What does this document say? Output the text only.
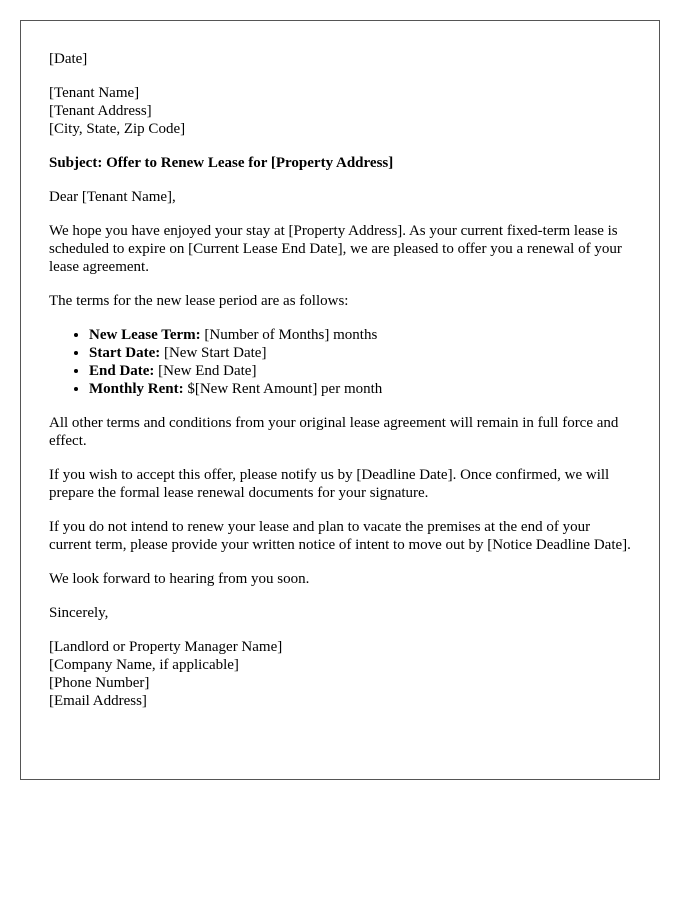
[Date]

[Tenant Name]
[Tenant Address]
[City, State, Zip Code]

Subject: Offer to Renew Lease for [Property Address]

Dear [Tenant Name],

We hope you have enjoyed your stay at [Property Address]. As your current fixed-term lease is scheduled to expire on [Current Lease End Date], we are pleased to offer you a renewal of your lease agreement.

The terms for the new lease period are as follows:

• New Lease Term: [Number of Months] months
• Start Date: [New Start Date]
• End Date: [New End Date]
• Monthly Rent: $[New Rent Amount] per month

All other terms and conditions from your original lease agreement will remain in full force and effect.

If you wish to accept this offer, please notify us by [Deadline Date]. Once confirmed, we will prepare the formal lease renewal documents for your signature.

If you do not intend to renew your lease and plan to vacate the premises at the end of your current term, please provide your written notice of intent to move out by [Notice Deadline Date].

We look forward to hearing from you soon.

Sincerely,

[Landlord or Property Manager Name]
[Company Name, if applicable]
[Phone Number]
[Email Address]
